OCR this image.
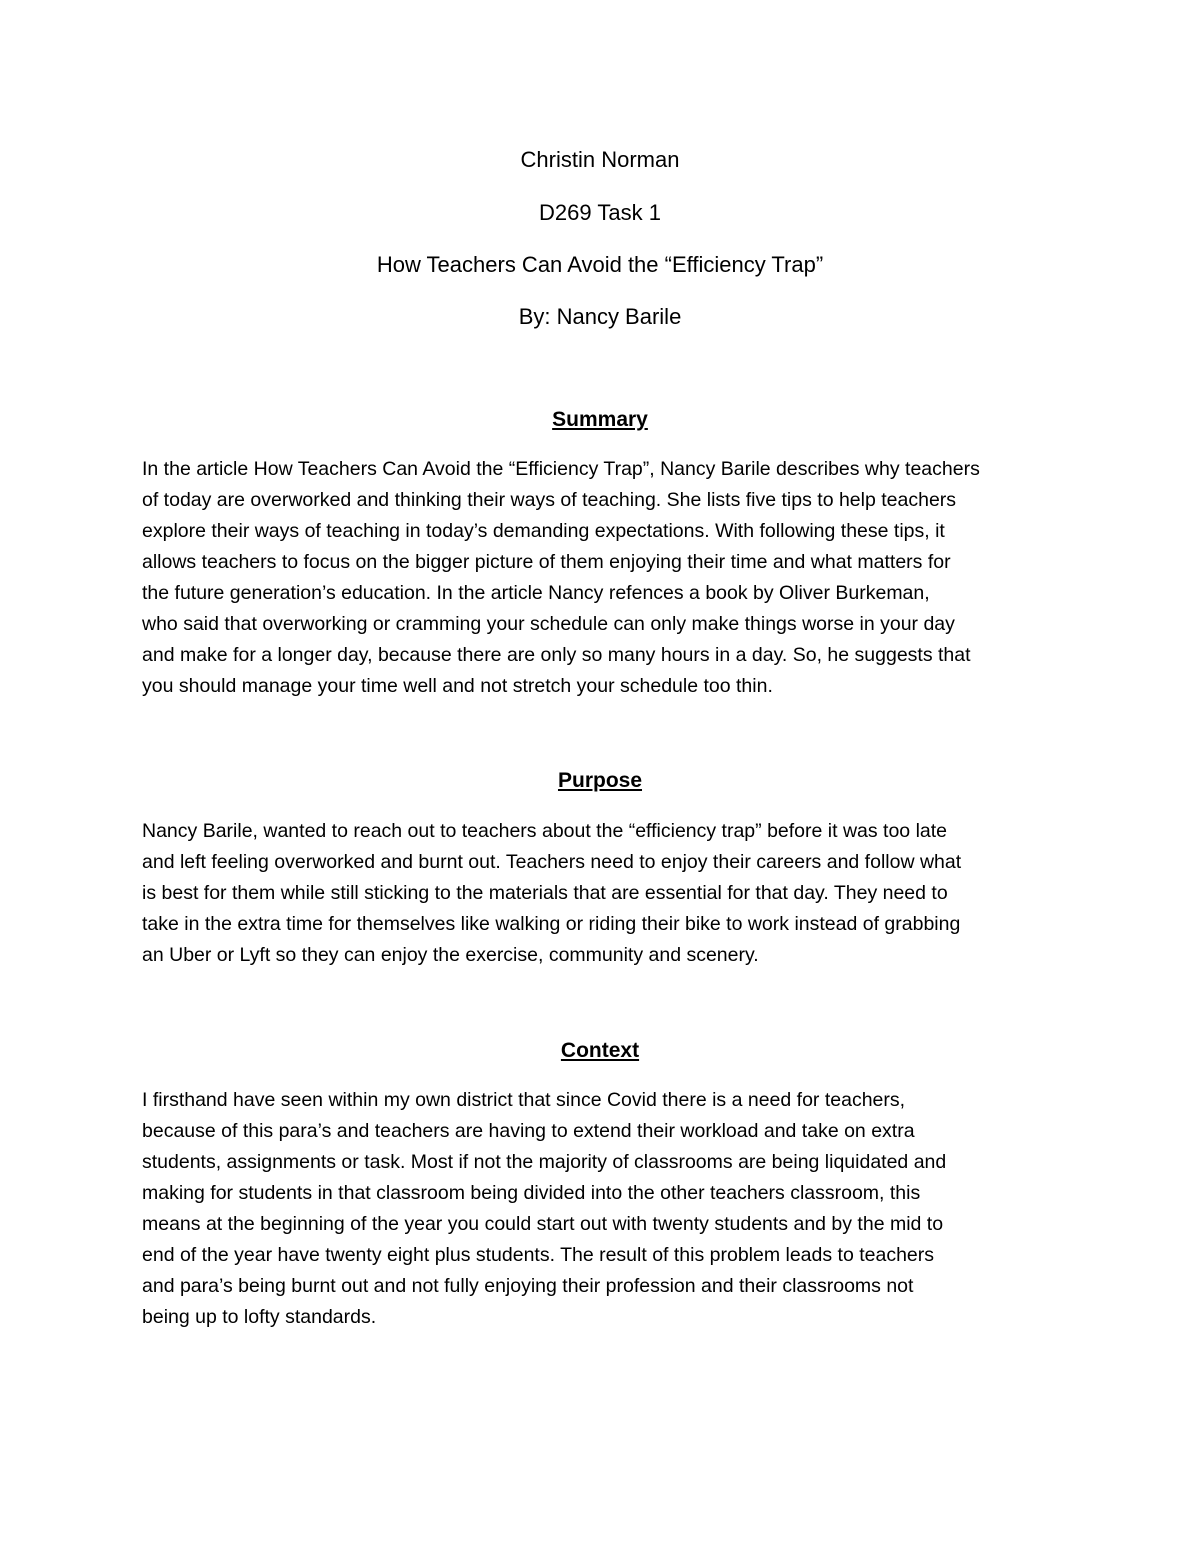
Christin Norman
D269 Task 1
How Teachers Can Avoid the “Efficiency Trap”
By: Nancy Barile
Summary
In the article How Teachers Can Avoid the “Efficiency Trap”, Nancy Barile describes why teachers
of today are overworked and thinking their ways of teaching. She lists five tips to help teachers
explore their ways of teaching in today’s demanding expectations. With following these tips, it
allows teachers to focus on the bigger picture of them enjoying their time and what matters for
the future generation’s education. In the article Nancy refences a book by Oliver Burkeman,
who said that overworking or cramming your schedule can only make things worse in your day
and make for a longer day, because there are only so many hours in a day. So, he suggests that
you should manage your time well and not stretch your schedule too thin.
Purpose
Nancy Barile, wanted to reach out to teachers about the “efficiency trap” before it was too late
and left feeling overworked and burnt out. Teachers need to enjoy their careers and follow what
is best for them while still sticking to the materials that are essential for that day. They need to
take in the extra time for themselves like walking or riding their bike to work instead of grabbing
an Uber or Lyft so they can enjoy the exercise, community and scenery.
Context
I firsthand have seen within my own district that since Covid there is a need for teachers,
because of this para’s and teachers are having to extend their workload and take on extra
students, assignments or task. Most if not the majority of classrooms are being liquidated and
making for students in that classroom being divided into the other teachers classroom, this
means at the beginning of the year you could start out with twenty students and by the mid to
end of the year have twenty eight plus students. The result of this problem leads to teachers
and para’s being burnt out and not fully enjoying their profession and their classrooms not
being up to lofty standards.
